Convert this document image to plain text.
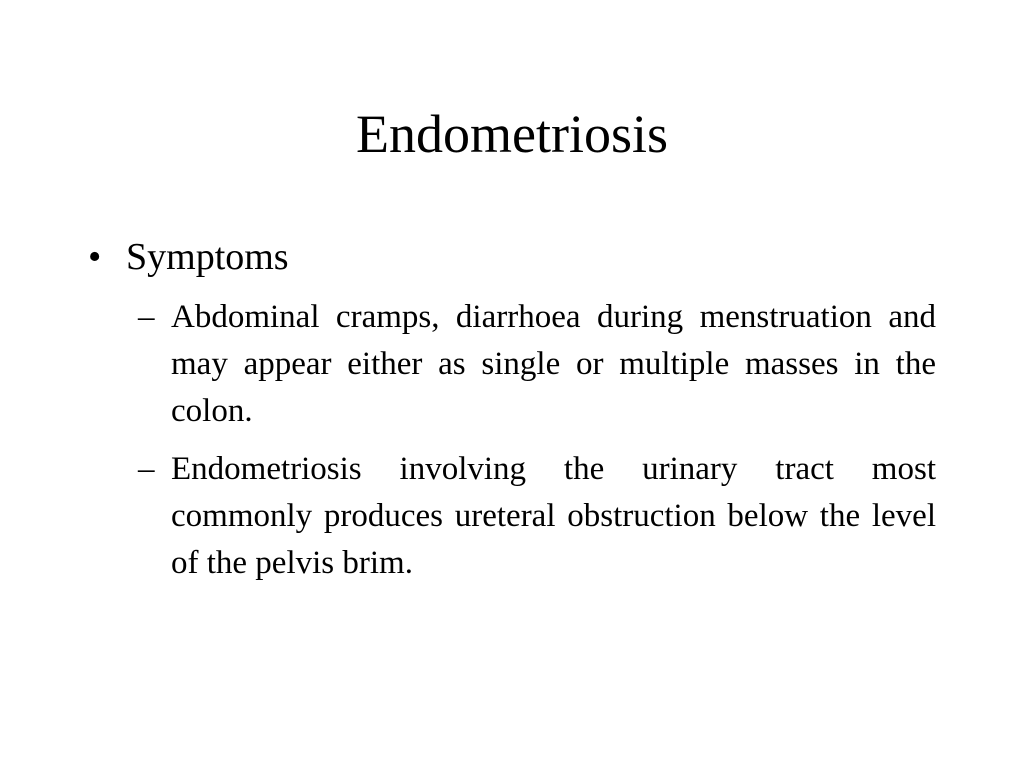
Endometriosis
• Symptoms
– Abdominal cramps, diarrhoea during menstruation and may appear either as single or multiple masses in the colon.
– Endometriosis involving the urinary tract most commonly produces ureteral obstruction below the level of the pelvis brim.
